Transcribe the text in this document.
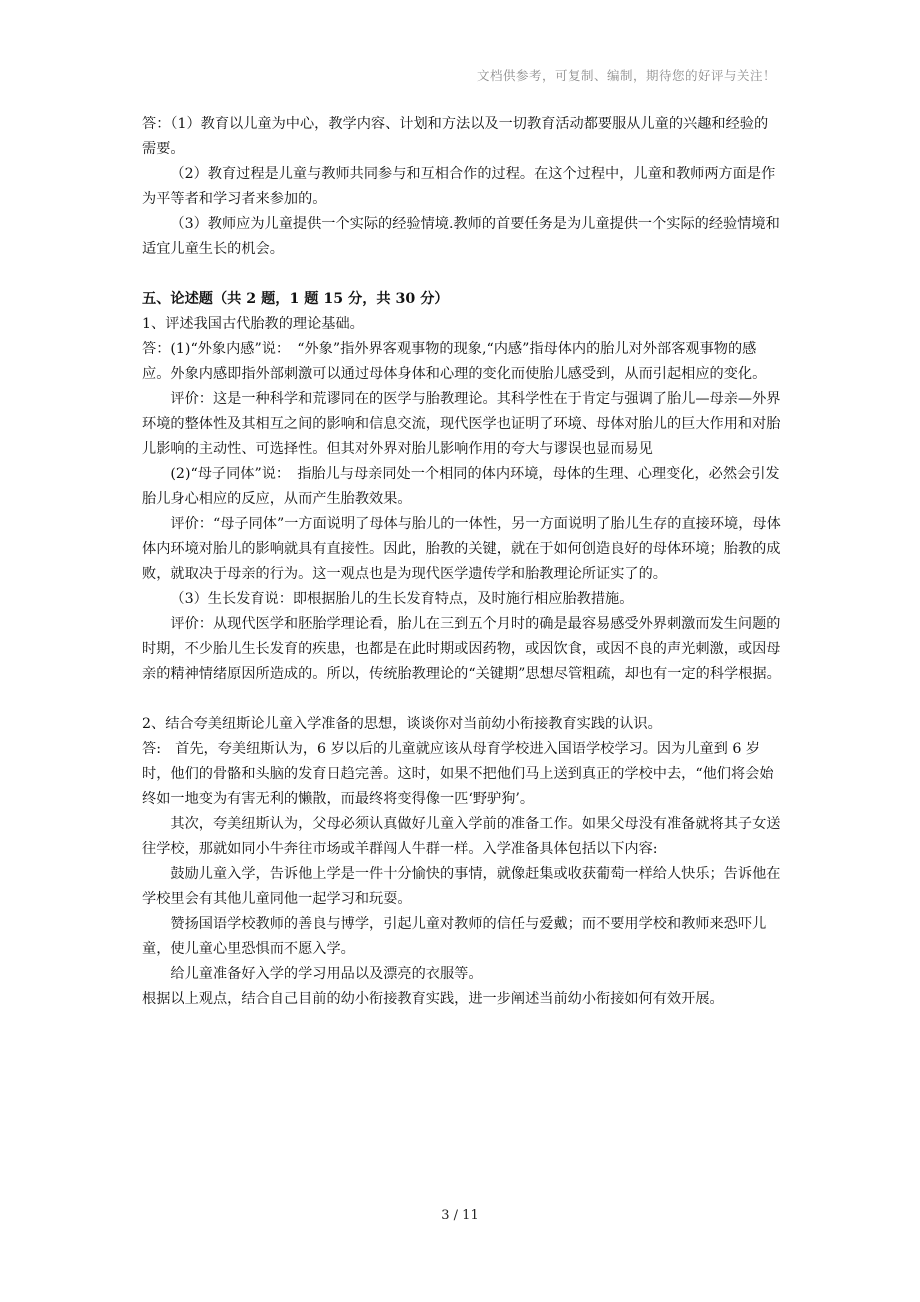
文档供参考，可复制、编制，期待您的好评与关注！

答：（1）教育以儿童为中心，教学内容、计划和方法以及一切教育活动都要服从儿童的兴趣和经验的需要。

（2）教育过程是儿童与教师共同参与和互相合作的过程。在这个过程中，儿童和教师两方面是作为平等者和学习者来参加的。

（3）教师应为儿童提供一个实际的经验情境.教师的首要任务是为儿童提供一个实际的经验情境和适宜儿童生长的机会。

五、论述题（共 2 题，1 题 15 分，共 30 分）

1、评述我国古代胎教的理论基础。

答：(1)“外象内感”说：　“外象”指外界客观事物的现象,“内感”指母体内的胎儿对外部客观事物的感应。外象内感即指外部刺激可以通过母体身体和心理的变化而使胎儿感受到，从而引起相应的变化。

评价：这是一种科学和荒谬同在的医学与胎教理论。其科学性在于肯定与强调了胎儿—母亲—外界环境的整体性及其相互之间的影响和信息交流，现代医学也证明了环境、母体对胎儿的巨大作用和对胎儿影响的主动性、可选择性。但其对外界对胎儿影响作用的夸大与谬误也显而易见

(2)“母子同体”说：　指胎儿与母亲同处一个相同的体内环境，母体的生理、心理变化，必然会引发胎儿身心相应的反应，从而产生胎教效果。

评价：“母子同体”一方面说明了母体与胎儿的一体性，另一方面说明了胎儿生存的直接环境，母体体内环境对胎儿的影响就具有直接性。因此，胎教的关键，就在于如何创造良好的母体环境；胎教的成败，就取决于母亲的行为。这一观点也是为现代医学遗传学和胎教理论所证实了的。

（3）生长发育说：即根据胎儿的生长发育特点，及时施行相应胎教措施。

评价：从现代医学和胚胎学理论看，胎儿在三到五个月时的确是最容易感受外界刺激而发生问题的时期，不少胎儿生长发育的疾患，也都是在此时期或因药物，或因饮食，或因不良的声光刺激，或因母亲的精神情绪原因所造成的。所以，传统胎教理论的“关键期”思想尽管粗疏，却也有一定的科学根据。

2、结合夸美纽斯论儿童入学准备的思想，谈谈你对当前幼小衔接教育实践的认识。

答:　首先，夸美纽斯认为，6 岁以后的儿童就应该从母育学校进入国语学校学习。因为儿童到 6 岁时，他们的骨骼和头脑的发育日趋完善。这时，如果不把他们马上送到真正的学校中去，“他们将会始终如一地变为有害无利的懒散，而最终将变得像一匹‘野驴狗’。

其次，夸美纽斯认为，父母必须认真做好儿童入学前的准备工作。如果父母没有准备就将其子女送往学校，那就如同小牛奔往市场或羊群闯人牛群一样。入学准备具体包括以下内容:

鼓励儿童入学，告诉他上学是一件十分愉快的事情，就像赶集或收获葡萄一样给人快乐；告诉他在学校里会有其他儿童同他一起学习和玩耍。

赞扬国语学校教师的善良与博学，引起儿童对教师的信任与爱戴；而不要用学校和教师来恐吓儿童，使儿童心里恐惧而不愿入学。

给儿童准备好入学的学习用品以及漂亮的衣服等。

根据以上观点，结合自己目前的幼小衔接教育实践，进一步阐述当前幼小衔接如何有效开展。

3 / 11
